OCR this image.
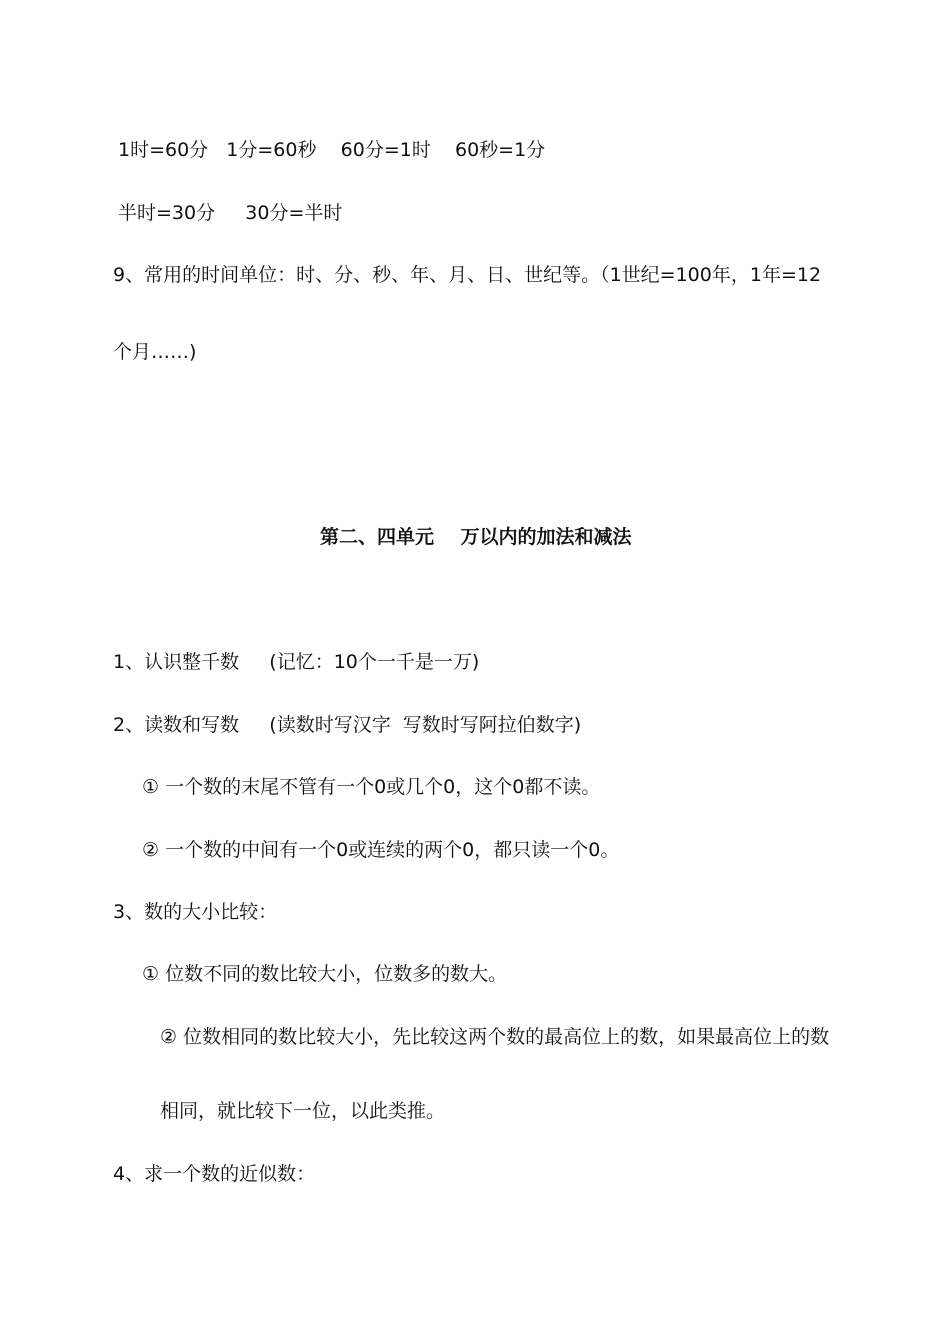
1时=60分   1分=60秒    60分=1时    60秒=1分
半时=30分     30分=半时
9、常用的时间单位：时、分、秒、年、月、日、世纪等。（1世纪=100年，1年=12
个月……)
第二、四单元    万以内的加法和减法
1、认识整千数     (记忆：10个一千是一万)
2、读数和写数     (读数时写汉字  写数时写阿拉伯数字)
① 一个数的末尾不管有一个0或几个0，这个0都不读。
② 一个数的中间有一个0或连续的两个0，都只读一个0。
3、数的大小比较：
① 位数不同的数比较大小，位数多的数大。
② 位数相同的数比较大小，先比较这两个数的最高位上的数，如果最高位上的数
相同，就比较下一位，以此类推。
4、求一个数的近似数：
